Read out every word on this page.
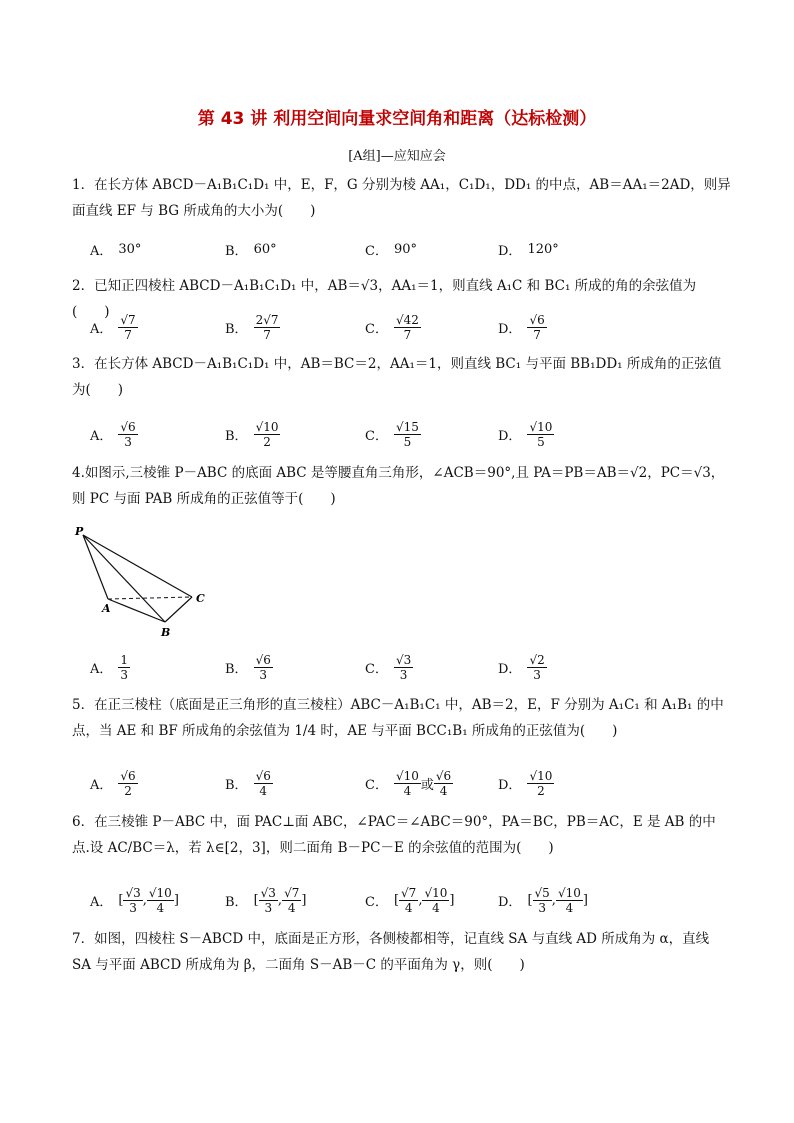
第 43 讲 利用空间向量求空间角和距离（达标检测）
[A组]—应知应会
1．在长方体 ABCD－A₁B₁C₁D₁ 中，E，F，G 分别为棱 AA₁，C₁D₁，DD₁ 的中点，AB＝AA₁＝2AD，则异面直线 EF 与 BG 所成角的大小为(　　)
A． 30°	B． 60°	C． 90°	D． 120°
2．已知正四棱柱 ABCD－A₁B₁C₁D₁ 中，AB＝√3，AA₁＝1，则直线 A₁C 和 BC₁ 所成的角的余弦值为(　　)
A． $\frac{√7}{7}$	B． $\frac{2√7}{7}$	C． $\frac{√42}{7}$	D． $\frac{√6}{7}$
3．在长方体 ABCD－A₁B₁C₁D₁ 中，AB＝BC＝2，AA₁＝1，则直线 BC₁ 与平面 BB₁DD₁ 所成角的正弦值为(　　)
A． $\frac{√6}{3}$	B． $\frac{√10}{2}$	C． $\frac{√15}{5}$	D． $\frac{√10}{5}$
4.如图示,三棱锥 P－ABC 的底面 ABC 是等腰直角三角形，∠ACB＝90°,且 PA＝PB＝AB＝√2，PC＝√3，则 PC 与面 PAB 所成角的正弦值等于(　　)
P
A
B
C
A． $\frac{1}{3}$	B． $\frac{√6}{3}$	C． $\frac{√3}{3}$	D． $\frac{√2}{3}$
5．在正三棱柱（底面是正三角形的直三棱柱）ABC－A₁B₁C₁ 中，AB＝2，E，F 分别为 A₁C₁ 和 A₁B₁ 的中点，当 AE 和 BF 所成角的余弦值为 1/4 时，AE 与平面 BCC₁B₁ 所成角的正弦值为(　　)
A． $\frac{√6}{2}$	B． $\frac{√6}{4}$	C． $\frac{√10}{4}$ 或 $\frac{√6}{4}$	D． $\frac{√10}{2}$
6．在三棱锥 P－ABC 中，面 PAC⊥面 ABC，∠PAC＝∠ABC＝90°，PA＝BC，PB＝AC，E 是 AB 的中点.设 AC/BC＝λ，若 λ∈[2，3]，则二面角 B－PC－E 的余弦值的范围为(　　)
A． [ $\frac{√3}{3}$ , $\frac{√10}{4}$ ]	B． [ $\frac{√3}{3}$ , $\frac{√7}{4}$ ]	C． [ $\frac{√7}{4}$ , $\frac{√10}{4}$ ]	D． [ $\frac{√5}{3}$ , $\frac{√10}{4}$ ]
7．如图，四棱柱 S－ABCD 中，底面是正方形，各侧棱都相等，记直线 SA 与直线 AD 所成角为 α，直线 SA 与平面 ABCD 所成角为 β，二面角 S－AB－C 的平面角为 γ，则(　　)
